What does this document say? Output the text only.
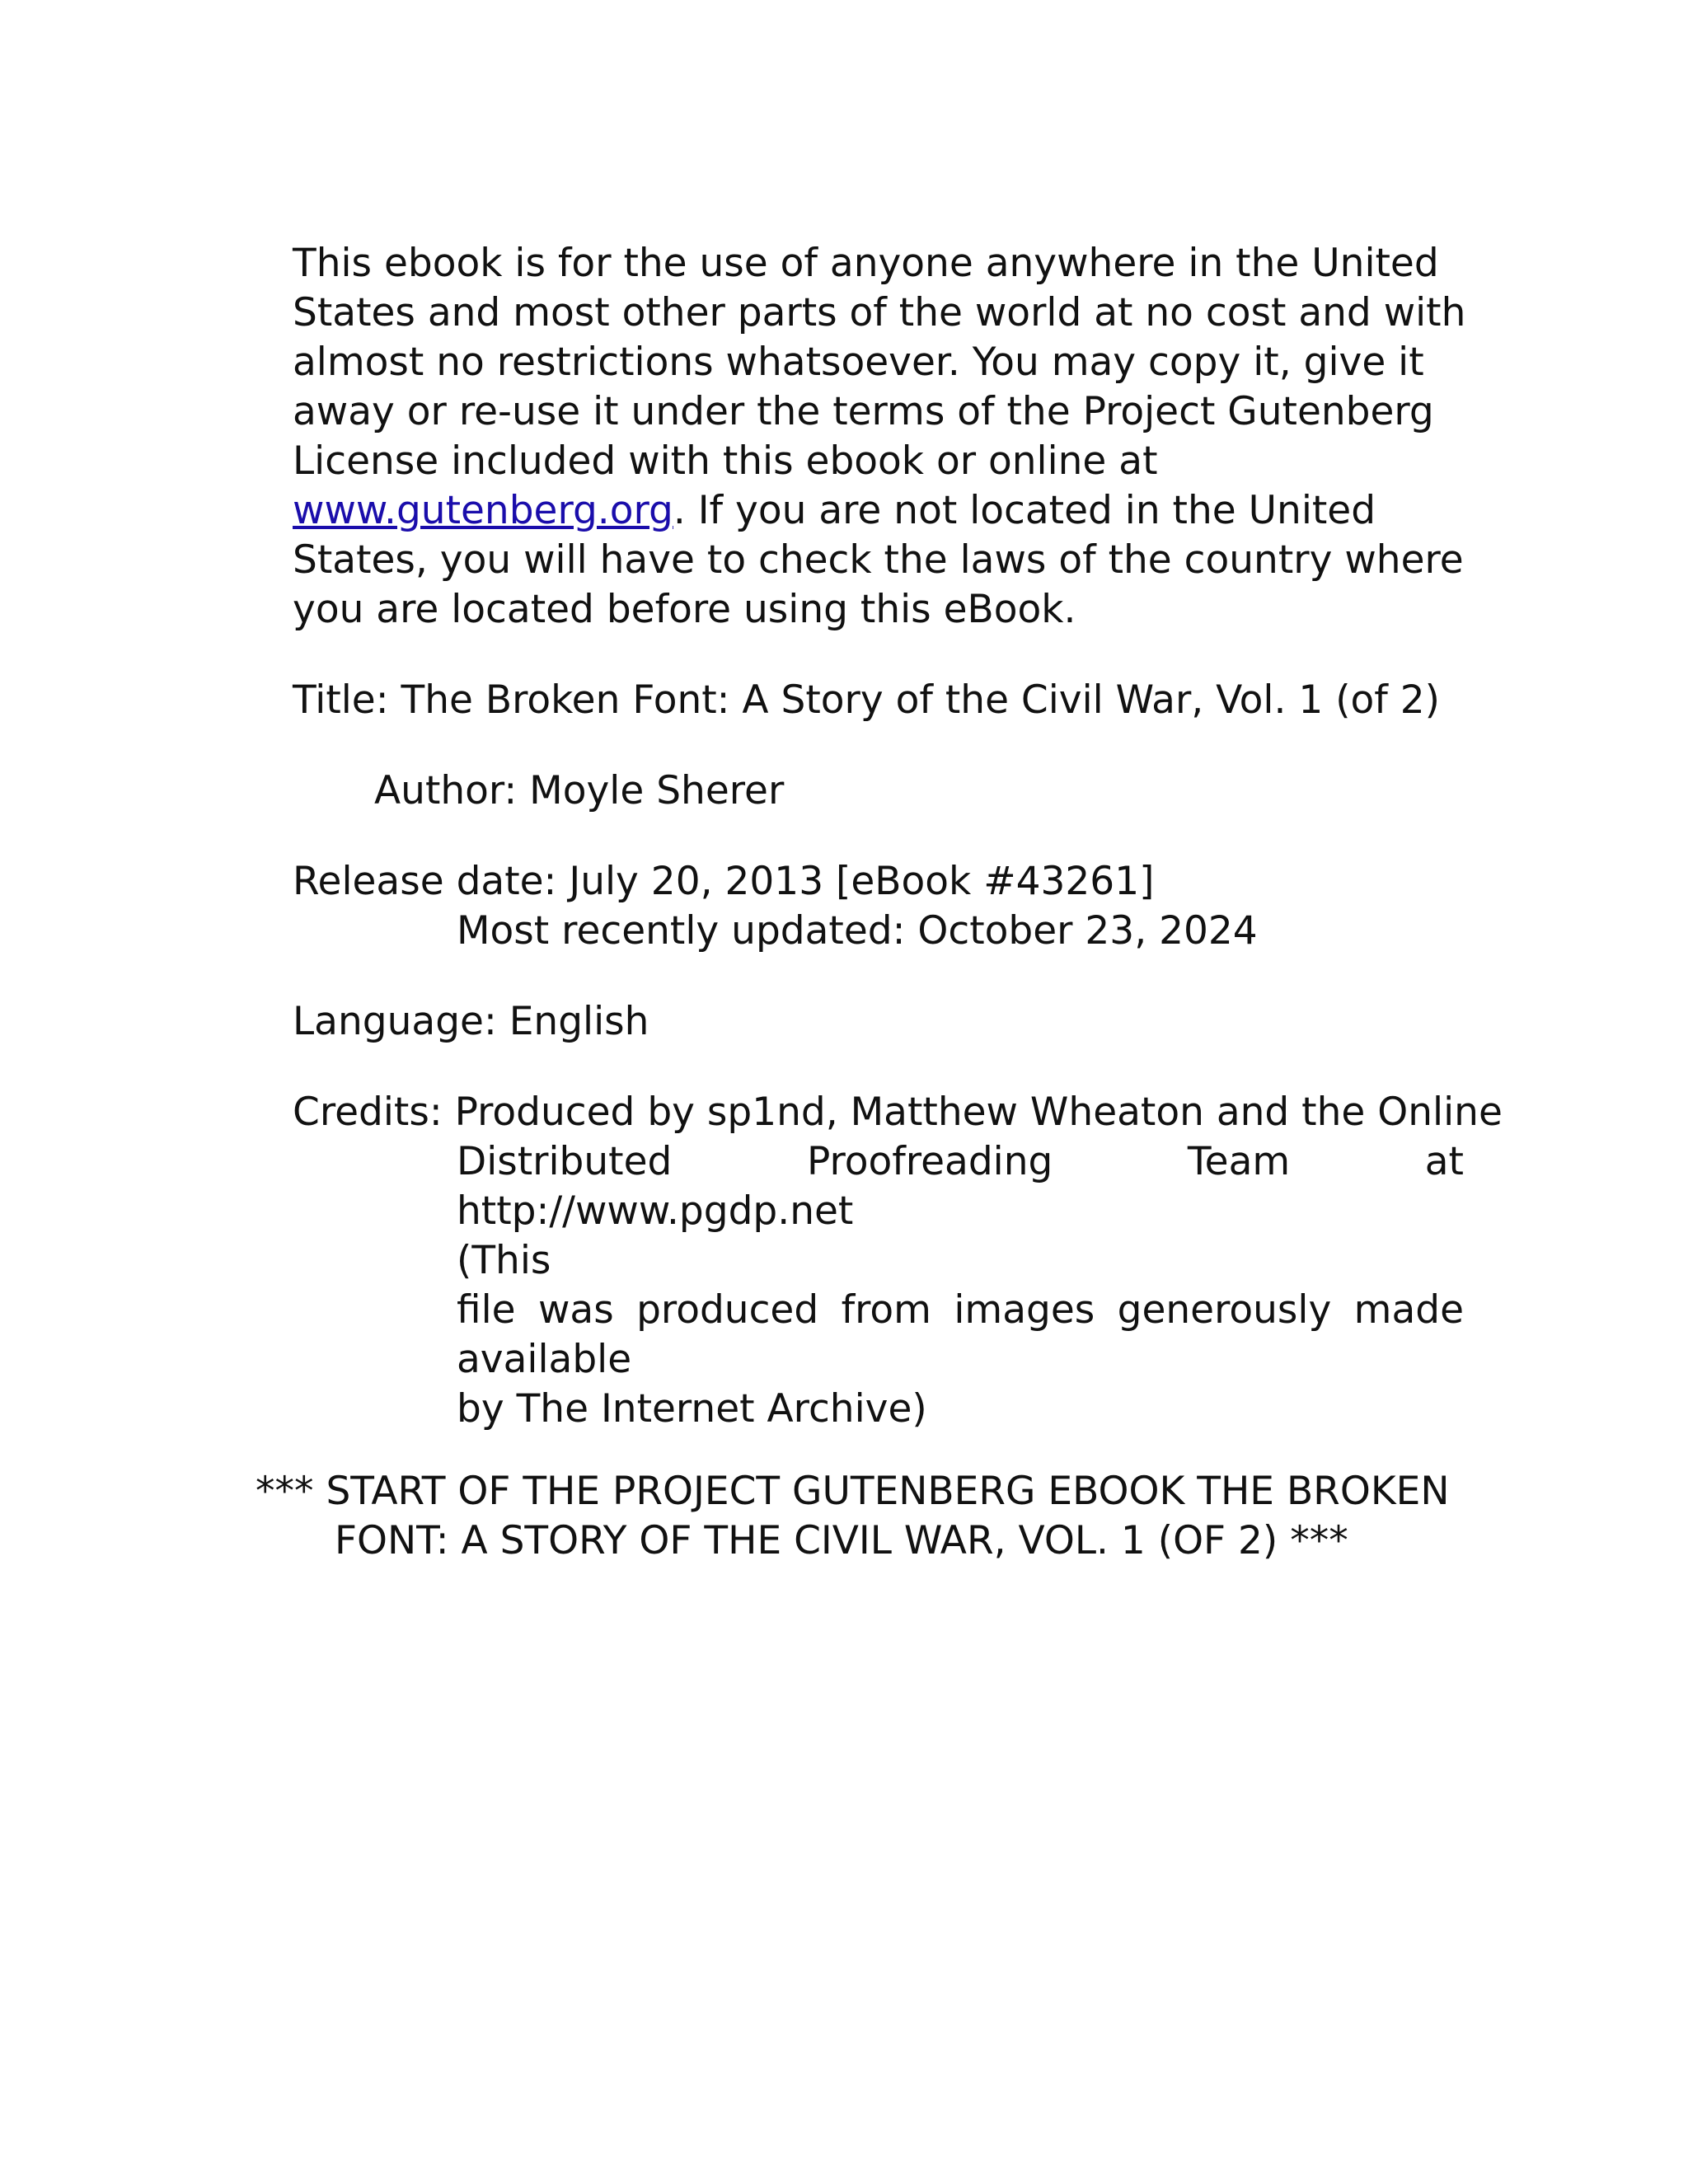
This ebook is for the use of anyone anywhere in the United States and most other parts of the world at no cost and with almost no restrictions whatsoever. You may copy it, give it away or re-use it under the terms of the Project Gutenberg License included with this ebook or online at www.gutenberg.org. If you are not located in the United States, you will have to check the laws of the country where you are located before using this eBook.

Title: The Broken Font: A Story of the Civil War, Vol. 1 (of 2)
Author: Moyle Sherer
Release date: July 20, 2013 [eBook #43261]
Most recently updated: October 23, 2024
Language: English
Credits: Produced by sp1nd, Matthew Wheaton and the Online

Distributed Proofreading Team at http://www.pgdp.net

(This

file was produced from images generously made

available

by The Internet Archive)

*** START OF THE PROJECT GUTENBERG EBOOK THE BROKEN
FONT: A STORY OF THE CIVIL WAR, VOL. 1 (OF 2) ***
